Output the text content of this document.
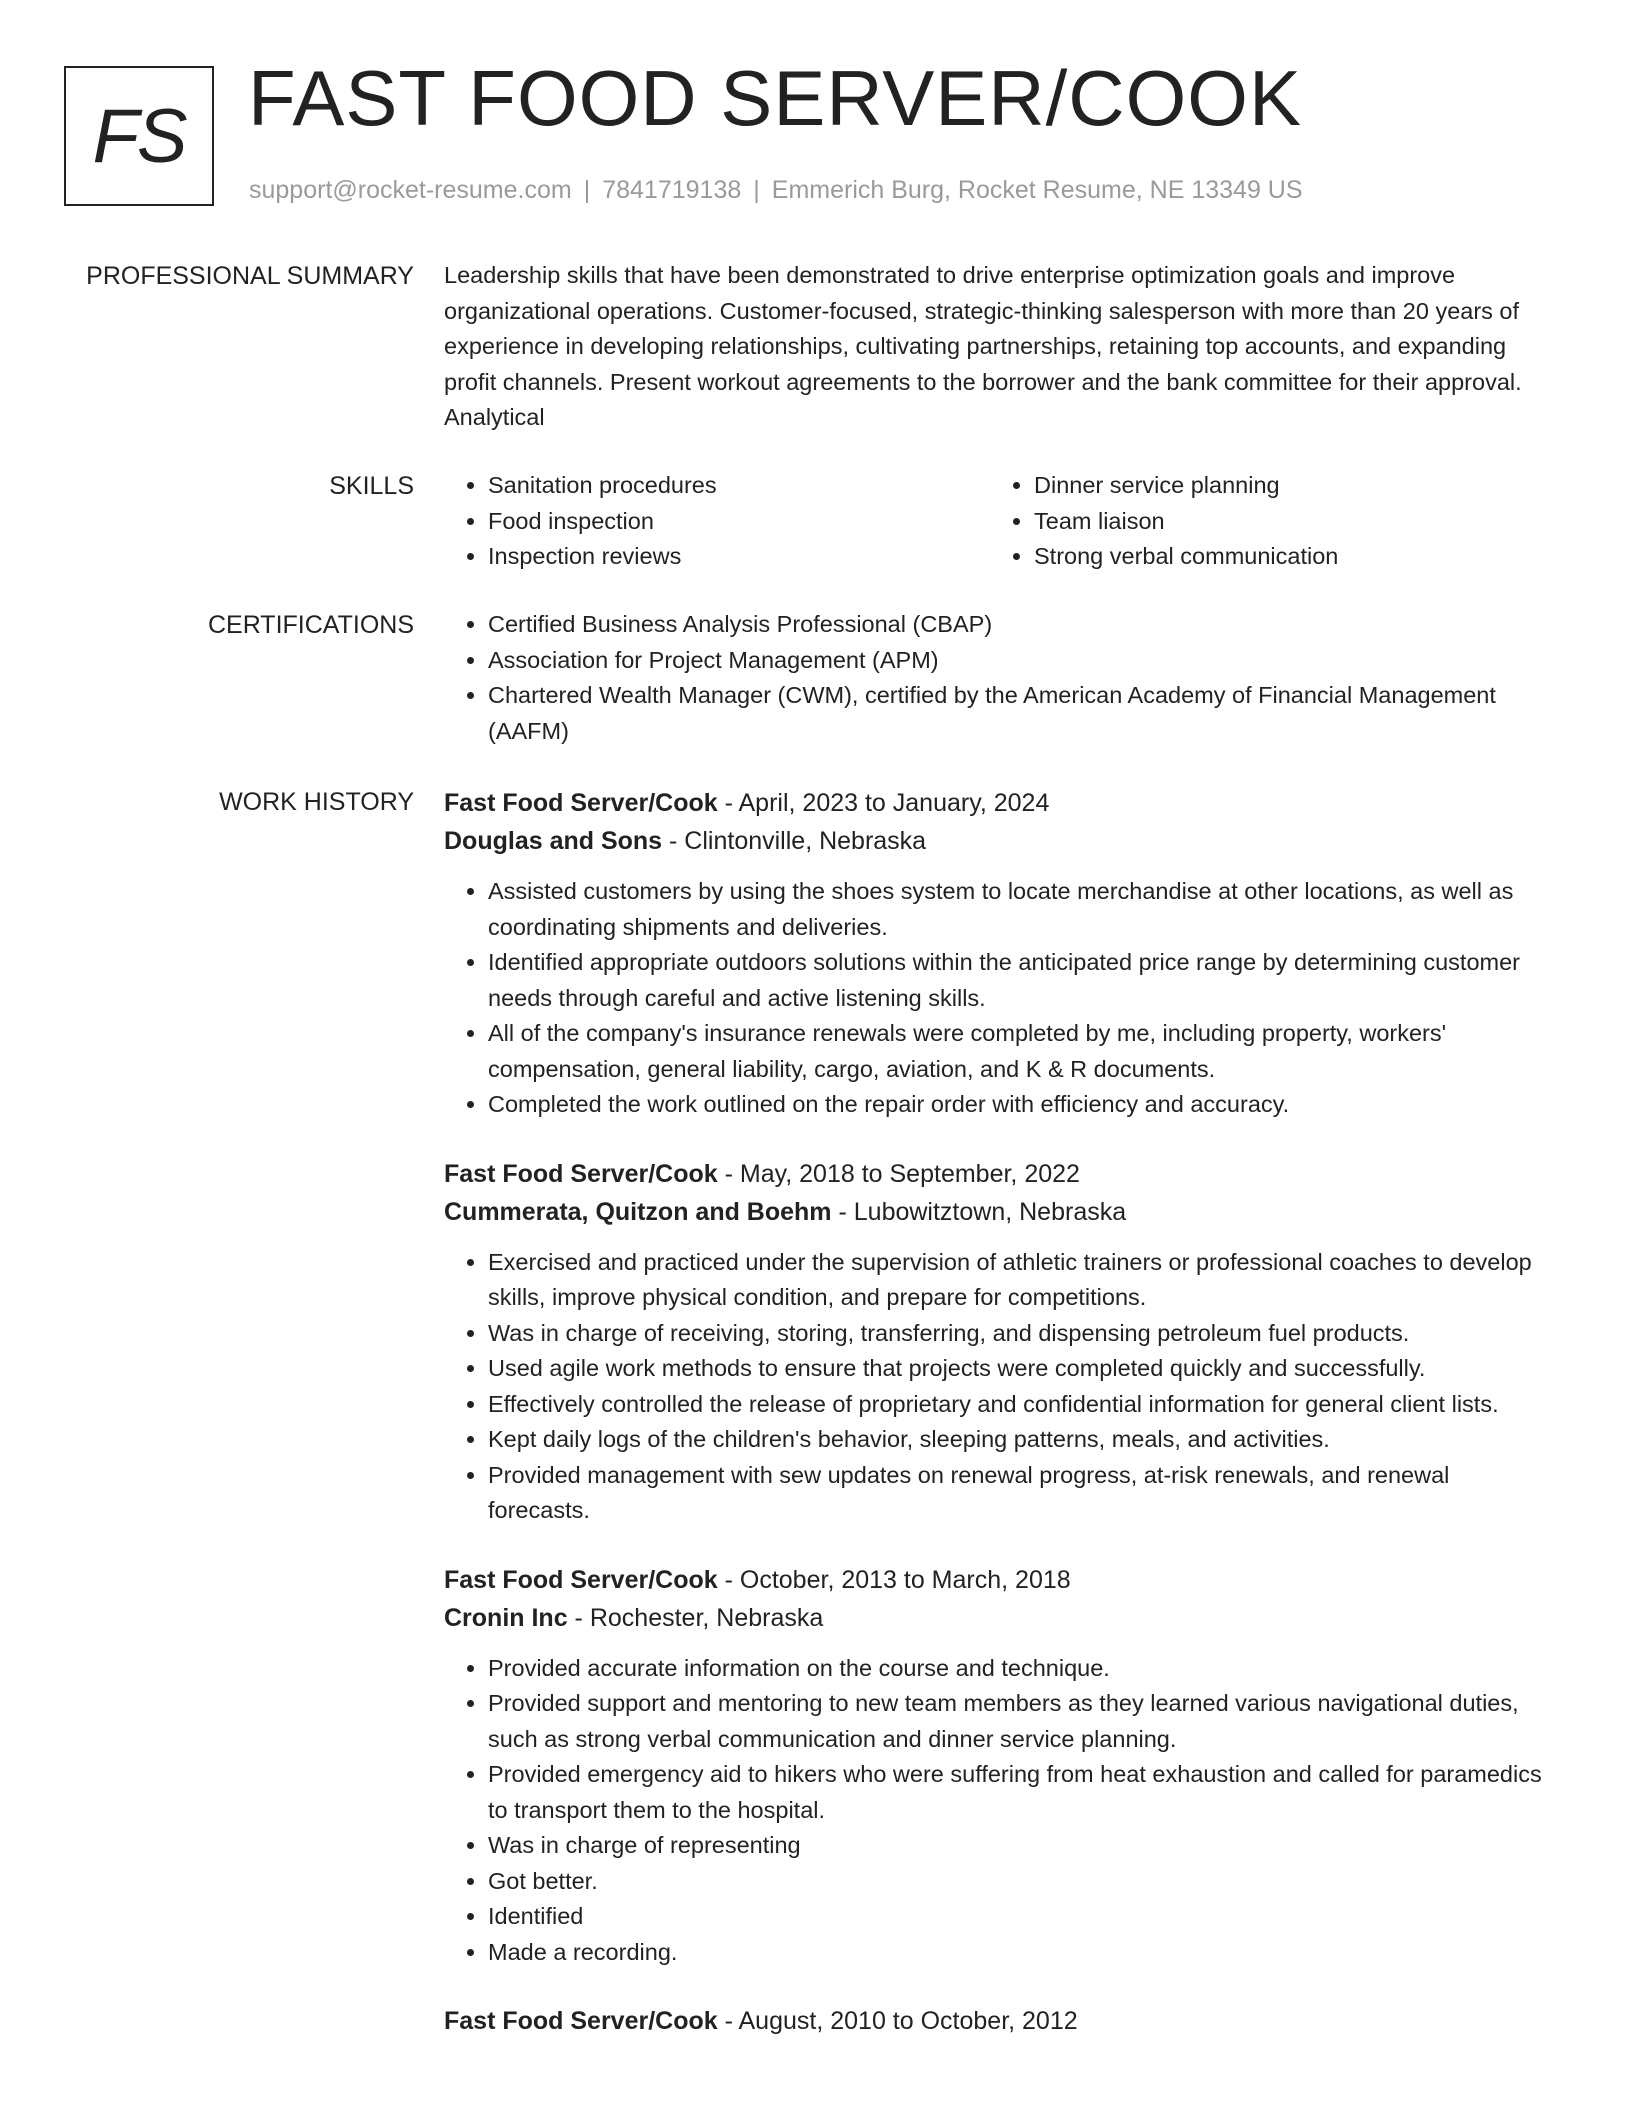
FS FAST FOOD SERVER/COOK
support@rocket-resume.com | 7841719138 | Emmerich Burg, Rocket Resume, NE 13349 US
PROFESSIONAL SUMMARY Leadership skills that have been demonstrated to drive enterprise optimization goals and improve organizational operations. Customer-focused, strategic-thinking salesperson with more than 20 years of experience in developing relationships, cultivating partnerships, retaining top accounts, and expanding profit channels. Present workout agreements to the borrower and the bank committee for their approval. Analytical

SKILLS	• Sanitation procedures
• Food inspection
• Inspection reviews
• Dinner service planning
• Team liaison
• Strong verbal communication
CERTIFICATIONS	• Certified Business Analysis Professional (CBAP)
• Association for Project Management (APM)
• Chartered Wealth Manager (CWM), certified by the American Academy of Financial Management (AAFM)
WORK HISTORY Fast Food Server/Cook - April, 2023 to January, 2024
Douglas and Sons - Clintonville, Nebraska
• Assisted customers by using the shoes system to locate merchandise at other locations, as well as coordinating shipments and deliveries.
• Identified appropriate outdoors solutions within the anticipated price range by determining customer needs through careful and active listening skills.
• All of the company's insurance renewals were completed by me, including property, workers' compensation, general liability, cargo, aviation, and K & R documents.
• Completed the work outlined on the repair order with efficiency and accuracy.
Fast Food Server/Cook - May, 2018 to September, 2022
Cummerata, Quitzon and Boehm - Lubowitztown, Nebraska
• Exercised and practiced under the supervision of athletic trainers or professional coaches to develop skills, improve physical condition, and prepare for competitions.
• Was in charge of receiving, storing, transferring, and dispensing petroleum fuel products.
• Used agile work methods to ensure that projects were completed quickly and successfully.
• Effectively controlled the release of proprietary and confidential information for general client lists.
• Kept daily logs of the children's behavior, sleeping patterns, meals, and activities.
• Provided management with sew updates on renewal progress, at-risk renewals, and renewal forecasts.
Fast Food Server/Cook - October, 2013 to March, 2018
Cronin Inc - Rochester, Nebraska
• Provided accurate information on the course and technique.
• Provided support and mentoring to new team members as they learned various navigational duties, such as strong verbal communication and dinner service planning.
• Provided emergency aid to hikers who were suffering from heat exhaustion and called for paramedics to transport them to the hospital.
• Was in charge of representing
• Got better.
• Identified
• Made a recording.
Fast Food Server/Cook - August, 2010 to October, 2012
